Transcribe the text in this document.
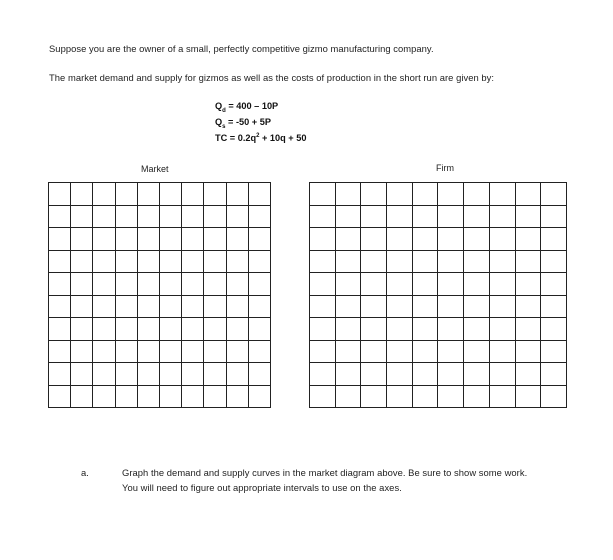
Suppose you are the owner of a small, perfectly competitive gizmo manufacturing company.
The market demand and supply for gizmos as well as the costs of production in the short run are given by:
$Q_d = 400 - 10P$
$Q_s = -50 + 5P$
TC = $0.2q^2 + 10q + 50$
Market	Firm

a.	Graph the demand and supply curves in the market diagram above. Be sure to show some work.
You will need to figure out appropriate intervals to use on the axes.
